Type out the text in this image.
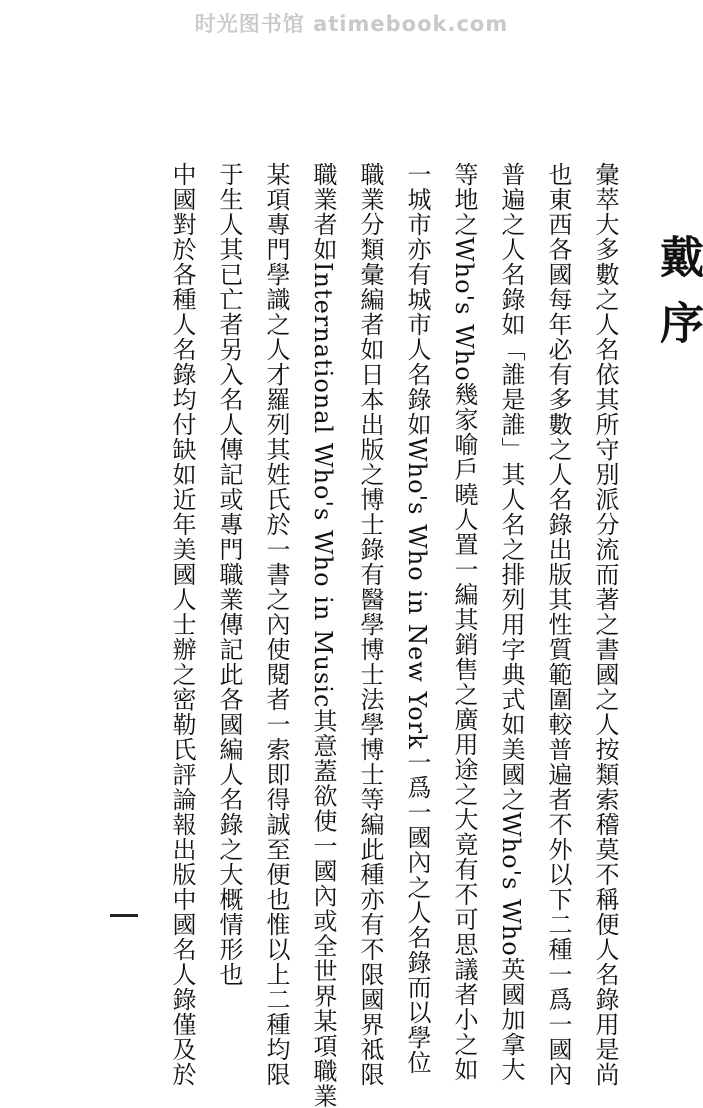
时光图书馆 atimebook.com
戴序
彙萃大多數之人名依其所守別派分流而著之書國之人按類索稽莫不稱便人名錄用是尚
也東西各國每年必有多數之人名錄出版其性質範圍較普遍者不外以下二種一爲一國內
普遍之人名錄如「誰是誰」其人名之排列用字典式如美國之Who's Who英國加拿大
等地之Who's Who幾家喻戶曉人置一編其銷售之廣用途之大竟有不可思議者小之如
一城市亦有城市人名錄如Who's Who in New York一爲一國內之人名錄而以學位
職業分類彙編者如日本出版之博士錄有醫學博士法學博士等編此種亦有不限國界祗限
職業者如International Who's Who in Music其意蓋欲使一國內或全世界某項職業
某項專門學識之人才羅列其姓氏於一書之內使閱者一索即得誠至便也惟以上二種均限
于生人其已亡者另入名人傳記或專門職業傳記此各國編人名錄之大概情形也
中國對於各種人名錄均付缺如近年美國人士辦之密勒氏評論報出版中國名人錄僅及於
